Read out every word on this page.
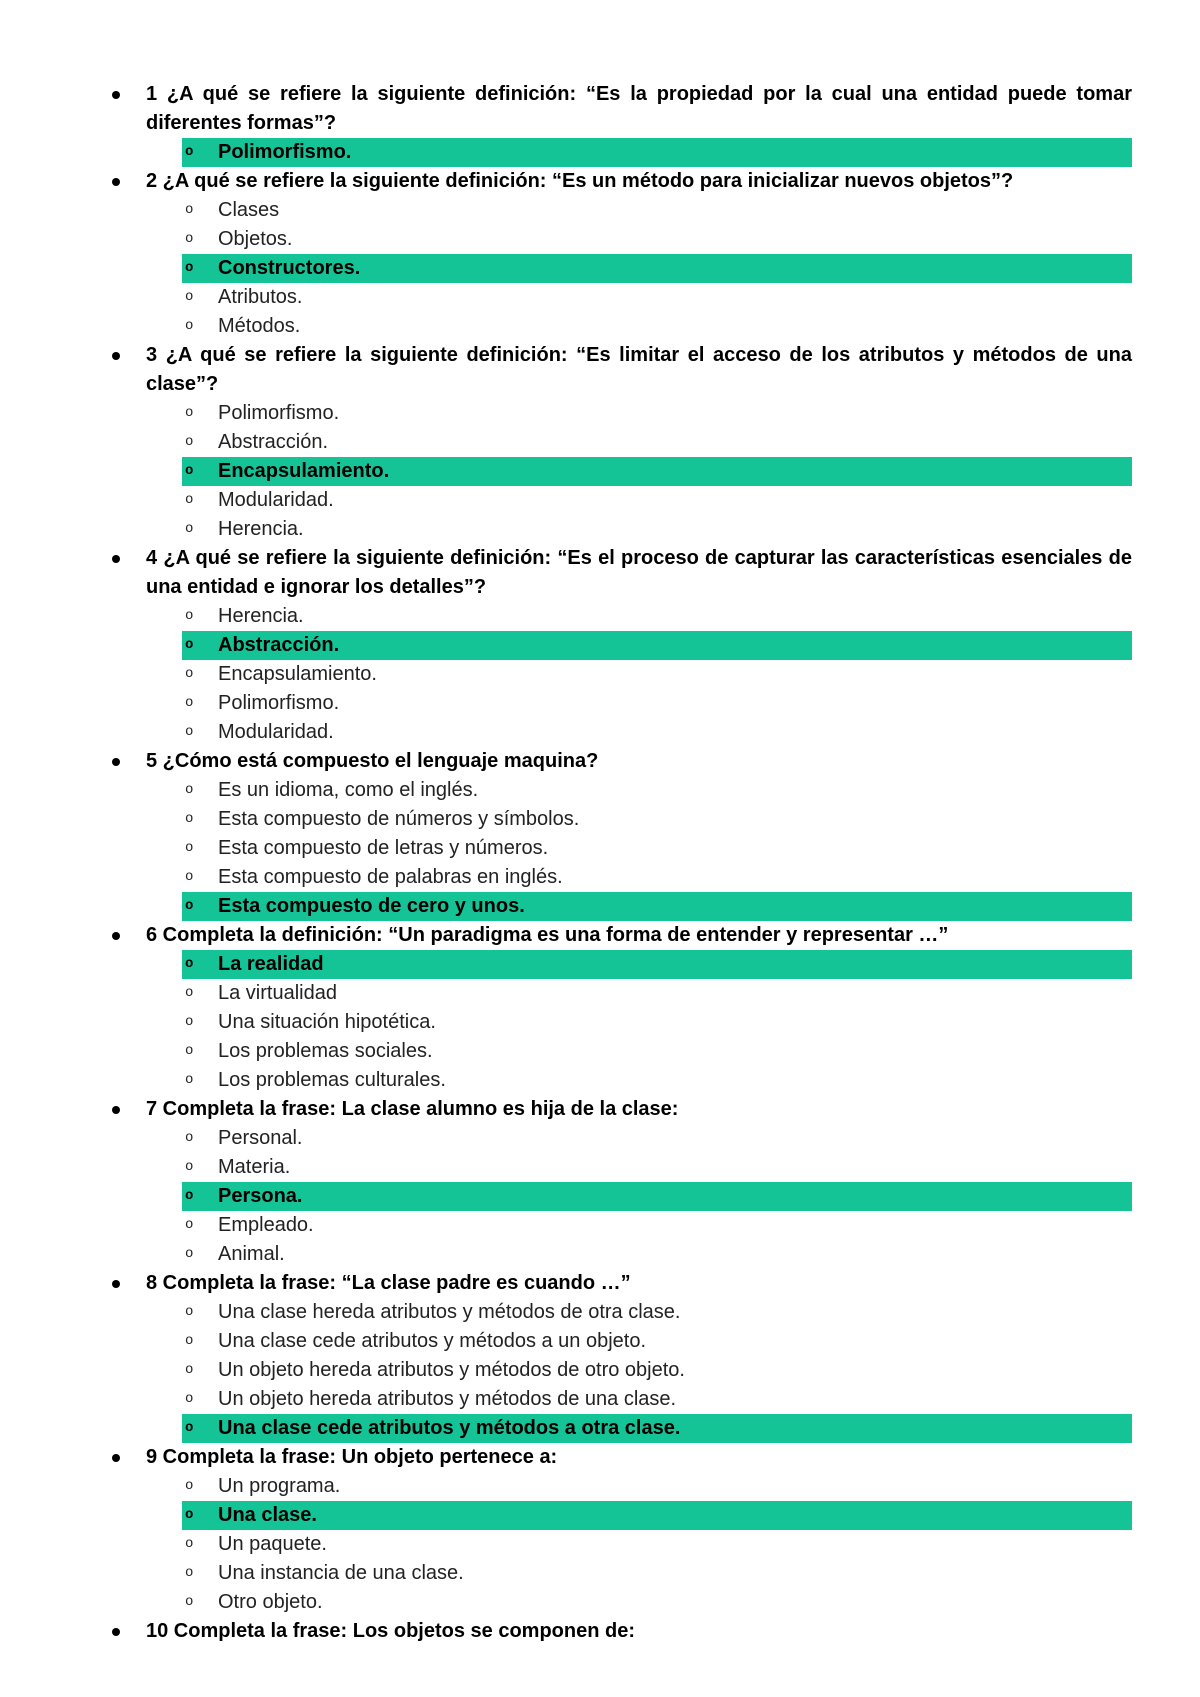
1 ¿A qué se refiere la siguiente definición: “Es la propiedad por la cual una entidad puede tomar diferentes formas”?
o Polimorfismo.
2 ¿A qué se refiere la siguiente definición: “Es un método para inicializar nuevos objetos”?
o Clases
o Objetos.
o Constructores.
o Atributos.
o Métodos.
3 ¿A qué se refiere la siguiente definición: “Es limitar el acceso de los atributos y métodos de una clase”?
o Polimorfismo.
o Abstracción.
o Encapsulamiento.
o Modularidad.
o Herencia.
4 ¿A qué se refiere la siguiente definición: “Es el proceso de capturar las características esenciales de una entidad e ignorar los detalles”?
o Herencia.
o Abstracción.
o Encapsulamiento.
o Polimorfismo.
o Modularidad.
5 ¿Cómo está compuesto el lenguaje maquina?
o Es un idioma, como el inglés.
o Esta compuesto de números y símbolos.
o Esta compuesto de letras y números.
o Esta compuesto de palabras en inglés.
o Esta compuesto de cero y unos.
6 Completa la definición: “Un paradigma es una forma de entender y representar …”
o La realidad
o La virtualidad
o Una situación hipotética.
o Los problemas sociales.
o Los problemas culturales.
7 Completa la frase: La clase alumno es hija de la clase:
o Personal.
o Materia.
o Persona.
o Empleado.
o Animal.
8 Completa la frase: “La clase padre es cuando …”
o Una clase hereda atributos y métodos de otra clase.
o Una clase cede atributos y métodos a un objeto.
o Un objeto hereda atributos y métodos de otro objeto.
o Un objeto hereda atributos y métodos de una clase.
o Una clase cede atributos y métodos a otra clase.
9 Completa la frase: Un objeto pertenece a:
o Un programa.
o Una clase.
o Un paquete.
o Una instancia de una clase.
o Otro objeto.
10 Completa la frase: Los objetos se componen de:
